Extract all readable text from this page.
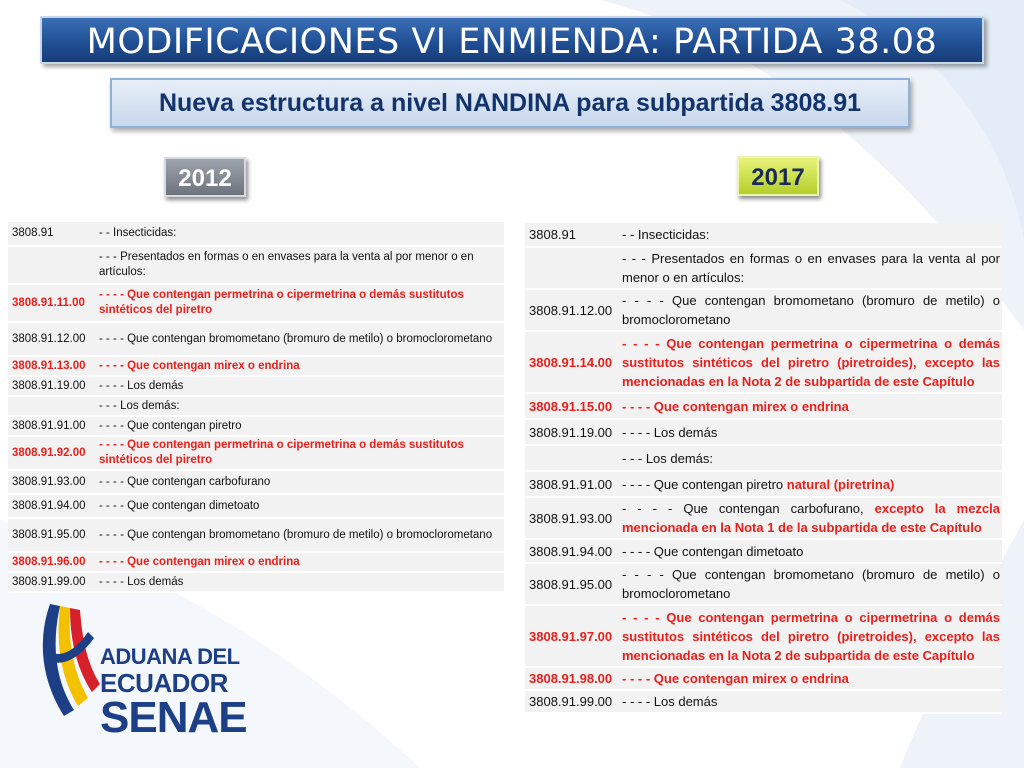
MODIFICACIONES VI ENMIENDA: PARTIDA 38.08
Nueva estructura a nivel NANDINA para subpartida 3808.91
2012	2017
3808.91	- - Insecticidas:
	- - - Presentados en formas o en envases para la venta al por menor o en artículos:
3808.91.11.00	- - - - Que contengan permetrina o cipermetrina o demás sustitutos sintéticos del piretro
3808.91.12.00	- - - - Que contengan bromometano (bromuro de metilo) o bromoclorometano
3808.91.13.00	- - - - Que contengan mirex o endrina
3808.91.19.00	- - - - Los demás
	- - - Los demás:
3808.91.91.00	- - - - Que contengan piretro
3808.91.92.00	- - - - Que contengan permetrina o cipermetrina o demás sustitutos sintéticos del piretro
3808.91.93.00	- - - - Que contengan carbofurano
3808.91.94.00	- - - - Que contengan dimetoato
3808.91.95.00	- - - - Que contengan bromometano (bromuro de metilo) o bromoclorometano
3808.91.96.00	- - - - Que contengan mirex o endrina
3808.91.99.00	- - - - Los demás
3808.91	- - Insecticidas:
	- - - Presentados en formas o en envases para la venta al por menor o en artículos:
3808.91.12.00	- - - - Que contengan bromometano (bromuro de metilo) o bromoclorometano
3808.91.14.00	- - - - Que contengan permetrina o cipermetrina o demás sustitutos sintéticos del piretro (piretroides), excepto las mencionadas en la Nota 2 de subpartida de este Capítulo
3808.91.15.00	- - - - Que contengan mirex o endrina
3808.91.19.00	- - - - Los demás
	- - - Los demás:
3808.91.91.00	- - - - Que contengan piretro natural (piretrina)
3808.91.93.00	- - - - Que contengan carbofurano, excepto la mezcla mencionada en la Nota 1 de la subpartida de este Capítulo
3808.91.94.00	- - - - Que contengan dimetoato
3808.91.95.00	- - - - Que contengan bromometano (bromuro de metilo) o bromoclorometano
3808.91.97.00	- - - - Que contengan permetrina o cipermetrina o demás sustitutos sintéticos del piretro (piretroides), excepto las mencionadas en la Nota 2 de subpartida de este Capítulo
3808.91.98.00	- - - - Que contengan mirex o endrina
3808.91.99.00	- - - - Los demás
ADUANA DEL
ECUADOR
SENAE
